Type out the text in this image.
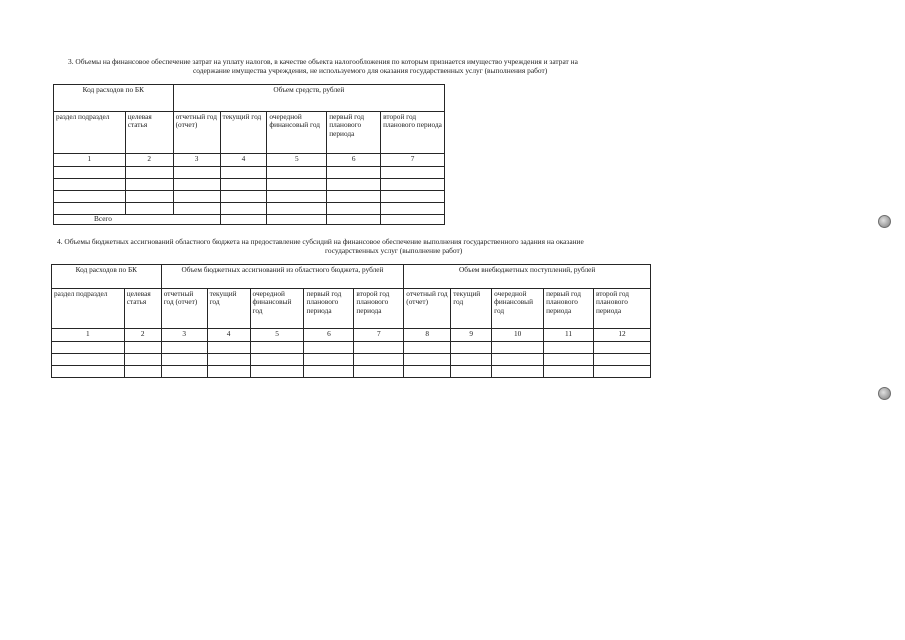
3. Объемы на финансовое обеспечение затрат на уплату налогов, в качестве объекта налогообложения по которым признается имущество учреждения и затрат на
содержание имущества учреждения, не используемого для оказания государственных услуг (выполнения работ)
Код расходов по БК		Объем средств, рублей				
раздел подраздел	целевая статья	отчетный год (отчет)	текущий год	очередной финансовый год	первый год планового периода	второй год планового периода
1	2	3	4	5	6	7

Всего						
4. Объемы бюджетных ассигнований областного бюджета на предоставление субсидий на финансовое обеспечение выполнения государственного задания на оказание
государственных услуг (выполнение работ)
Код расходов по БК		Объем бюджетных ассигнований из областного бюджета, рублей					Объем внебюджетных поступлений, рублей				
раздел подраздел	целевая статья	отчетный год (отчет)	текущий год	очередной финансовый год	первый год планового периода	второй год планового периода	отчетный год (отчет)	текущий год	очередной финансовый год	первый год планового периода	второй год планового периода
1	2	3	4	5	6	7	8	9	10	11	12
